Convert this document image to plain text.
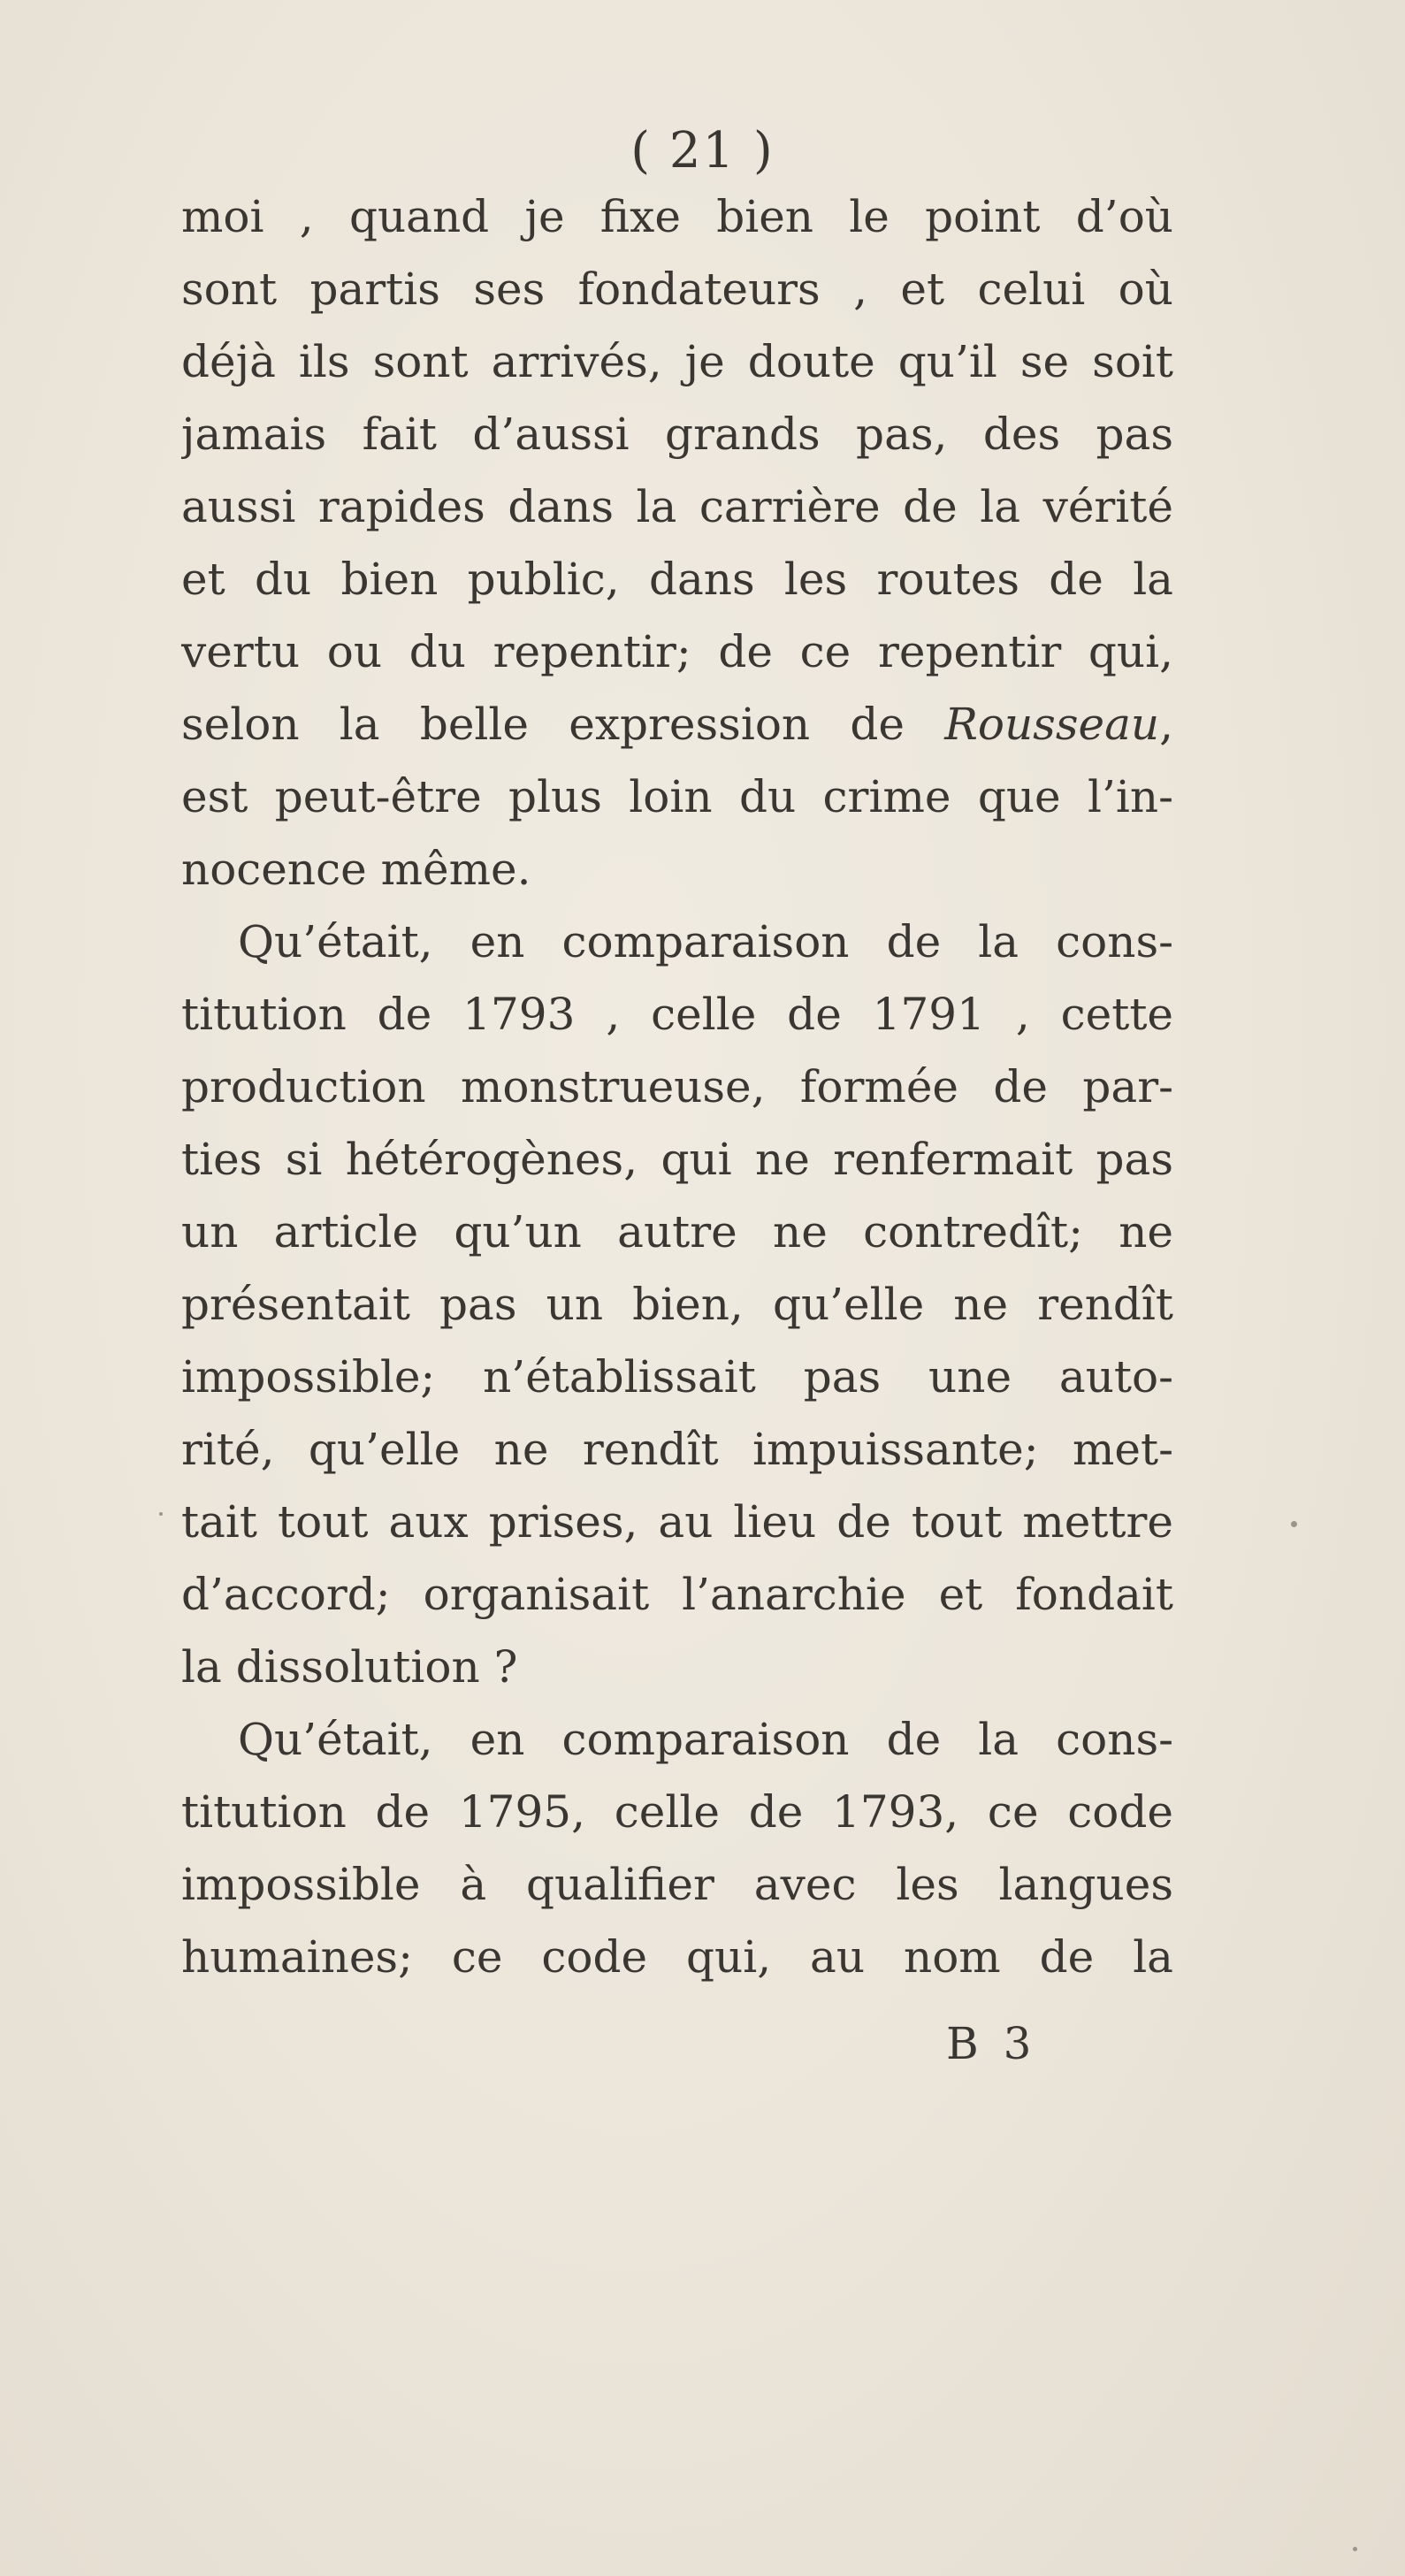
( 21 )
moi , quand je fixe bien le point d’où
sont partis ses fondateurs , et celui où
déjà ils sont arrivés, je doute qu’il se soit
jamais fait d’aussi grands pas, des pas
aussi rapides dans la carrière de la vérité
et du bien public, dans les routes de la
vertu ou du repentir; de ce repentir qui,
selon la belle expression de Rousseau,
est peut-être plus loin du crime que l’in-
nocence même.
Qu’était, en comparaison de la cons-
titution de 1793 , celle de 1791 , cette
production monstrueuse, formée de par-
ties si hétérogènes, qui ne renfermait pas
un article qu’un autre ne contredît; ne
présentait pas un bien, qu’elle ne rendît
impossible; n’établissait pas une auto-
rité, qu’elle ne rendît impuissante; met-
tait tout aux prises, au lieu de tout mettre
d’accord; organisait l’anarchie et fondait
la dissolution ?
Qu’était, en comparaison de la cons-
titution de 1795, celle de 1793, ce code
impossible à qualifier avec les langues
humaines; ce code qui, au nom de la
B 3
